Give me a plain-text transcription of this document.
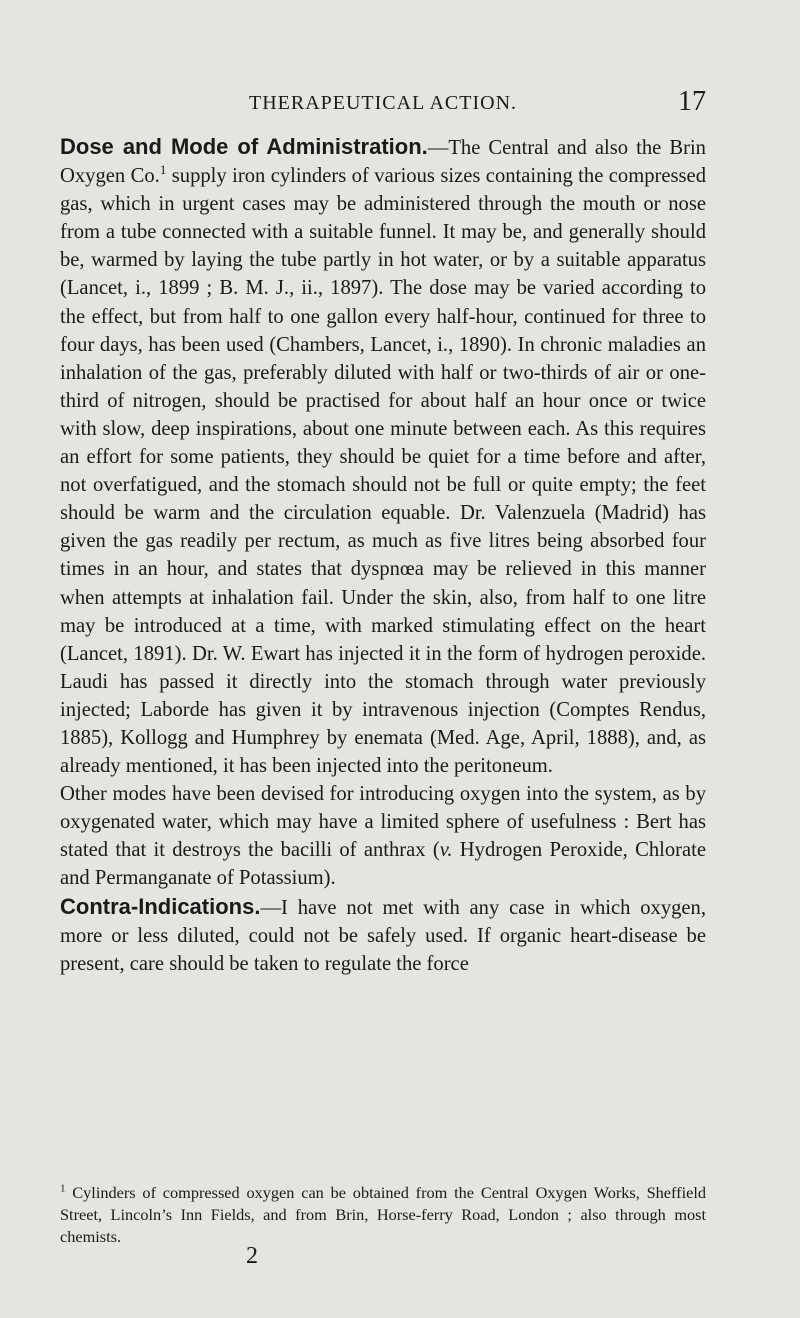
THERAPEUTICAL ACTION.	17

Dose and Mode of Administration.—The Central and also the Brin Oxygen Co.$^1$ supply iron cylinders of various sizes containing the compressed gas, which in urgent cases may be administered through the mouth or nose from a tube connected with a suitable funnel. It may be, and generally should be, warmed by laying the tube partly in hot water, or by a suitable apparatus (Lancet, i., 1899 ; B. M. J., ii., 1897). The dose may be varied according to the effect, but from half to one gallon every half-hour, continued for three to four days, has been used (Chambers, Lancet, i., 1890). In chronic maladies an inhalation of the gas, preferably diluted with half or two-thirds of air or one-third of nitrogen, should be practised for about half an hour once or twice with slow, deep inspirations, about one minute between each. As this requires an effort for some patients, they should be quiet for a time before and after, not overfatigued, and the stomach should not be full or quite empty; the feet should be warm and the circulation equable. Dr. Valenzuela (Madrid) has given the gas readily per rectum, as much as five litres being absorbed four times in an hour, and states that dyspnœa may be relieved in this manner when attempts at inhalation fail. Under the skin, also, from half to one litre may be introduced at a time, with marked stimulating effect on the heart (Lancet, 1891). Dr. W. Ewart has injected it in the form of hydrogen peroxide. Laudi has passed it directly into the stomach through water previously injected; Laborde has given it by intravenous injection (Comptes Rendus, 1885), Kollogg and Humphrey by enemata (Med. Age, April, 1888), and, as already mentioned, it has been injected into the peritoneum.

Other modes have been devised for introducing oxygen into the system, as by oxygenated water, which may have a limited sphere of usefulness : Bert has stated that it destroys the bacilli of anthrax (v. Hydrogen Peroxide, Chlorate and Permanganate of Potassium).

Contra-Indications.—I have not met with any case in which oxygen, more or less diluted, could not be safely used. If organic heart-disease be present, care should be taken to regulate the force

$^1$ Cylinders of compressed oxygen can be obtained from the Central Oxygen Works, Sheffield Street, Lincoln’s Inn Fields, and from Brin, Horse-ferry Road, London ; also through most chemists.
2
